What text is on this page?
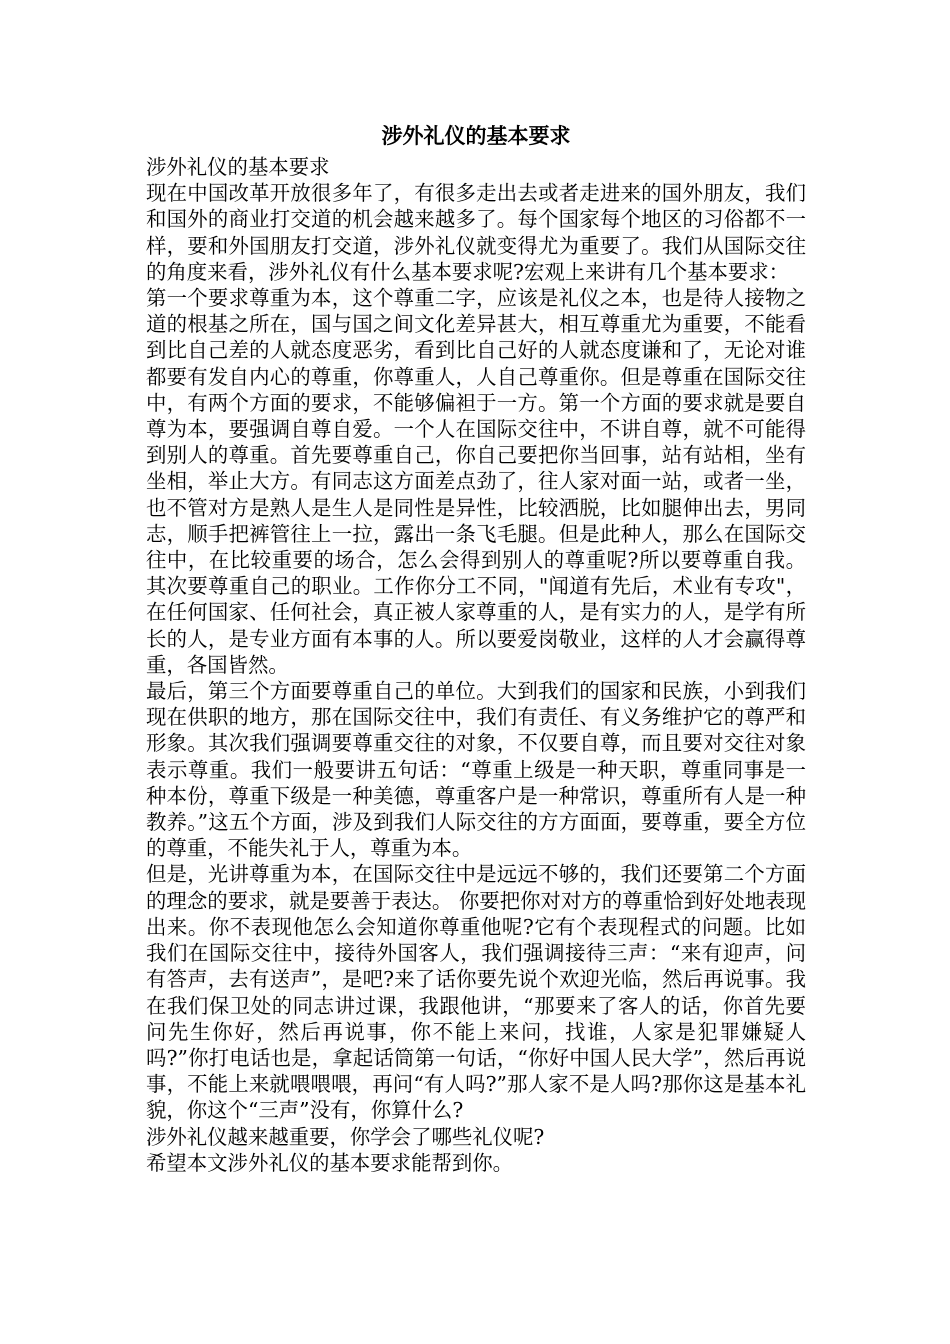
涉外礼仪的基本要求

涉外礼仪的基本要求

现在中国改革开放很多年了，有很多走出去或者走进来的国外朋友，我们和国外的商业打交道的机会越来越多了。每个国家每个地区的习俗都不一样，要和外国朋友打交道，涉外礼仪就变得尤为重要了。我们从国际交往的角度来看，涉外礼仪有什么基本要求呢?宏观上来讲有几个基本要求：

第一个要求尊重为本，这个尊重二字，应该是礼仪之本，也是待人接物之道的根基之所在，国与国之间文化差异甚大，相互尊重尤为重要，不能看到比自己差的人就态度恶劣，看到比自己好的人就态度谦和了，无论对谁都要有发自内心的尊重，你尊重人，人自己尊重你。但是尊重在国际交往中，有两个方面的要求，不能够偏袒于一方。第一个方面的要求就是要自尊为本，要强调自尊自爱。一个人在国际交往中，不讲自尊，就不可能得到别人的尊重。首先要尊重自己，你自己要把你当回事，站有站相，坐有坐相，举止大方。有同志这方面差点劲了，往人家对面一站，或者一坐，也不管对方是熟人是生人是同性是异性，比较洒脱，比如腿伸出去，男同志，顺手把裤管往上一拉，露出一条飞毛腿。但是此种人，那么在国际交往中，在比较重要的场合，怎么会得到别人的尊重呢?所以要尊重自我。其次要尊重自己的职业。工作你分工不同，"闻道有先后，术业有专攻"，在任何国家、任何社会，真正被人家尊重的人，是有实力的人，是学有所长的人，是专业方面有本事的人。所以要爱岗敬业，这样的人才会赢得尊重，各国皆然。

最后，第三个方面要尊重自己的单位。大到我们的国家和民族，小到我们现在供职的地方，那在国际交往中，我们有责任、有义务维护它的尊严和形象。其次我们强调要尊重交往的对象，不仅要自尊，而且要对交往对象表示尊重。我们一般要讲五句话：“尊重上级是一种天职，尊重同事是一种本份，尊重下级是一种美德，尊重客户是一种常识，尊重所有人是一种教养。”这五个方面，涉及到我们人际交往的方方面面，要尊重，要全方位的尊重，不能失礼于人，尊重为本。

但是，光讲尊重为本，在国际交往中是远远不够的，我们还要第二个方面的理念的要求，就是要善于表达。 你要把你对对方的尊重恰到好处地表现出来。你不表现他怎么会知道你尊重他呢?它有个表现程式的问题。比如我们在国际交往中，接待外国客人，我们强调接待三声：“来有迎声，问有答声，去有送声”，是吧?来了话你要先说个欢迎光临，然后再说事。我在我们保卫处的同志讲过课，我跟他讲，“那要来了客人的话，你首先要问先生你好，然后再说事，你不能上来问，找谁，人家是犯罪嫌疑人吗?”你打电话也是，拿起话筒第一句话，“你好中国人民大学”，然后再说事，不能上来就喂喂喂，再问“有人吗?”那人家不是人吗?那你这是基本礼貌，你这个“三声”没有，你算什么?

涉外礼仪越来越重要，你学会了哪些礼仪呢?

希望本文涉外礼仪的基本要求能帮到你。
